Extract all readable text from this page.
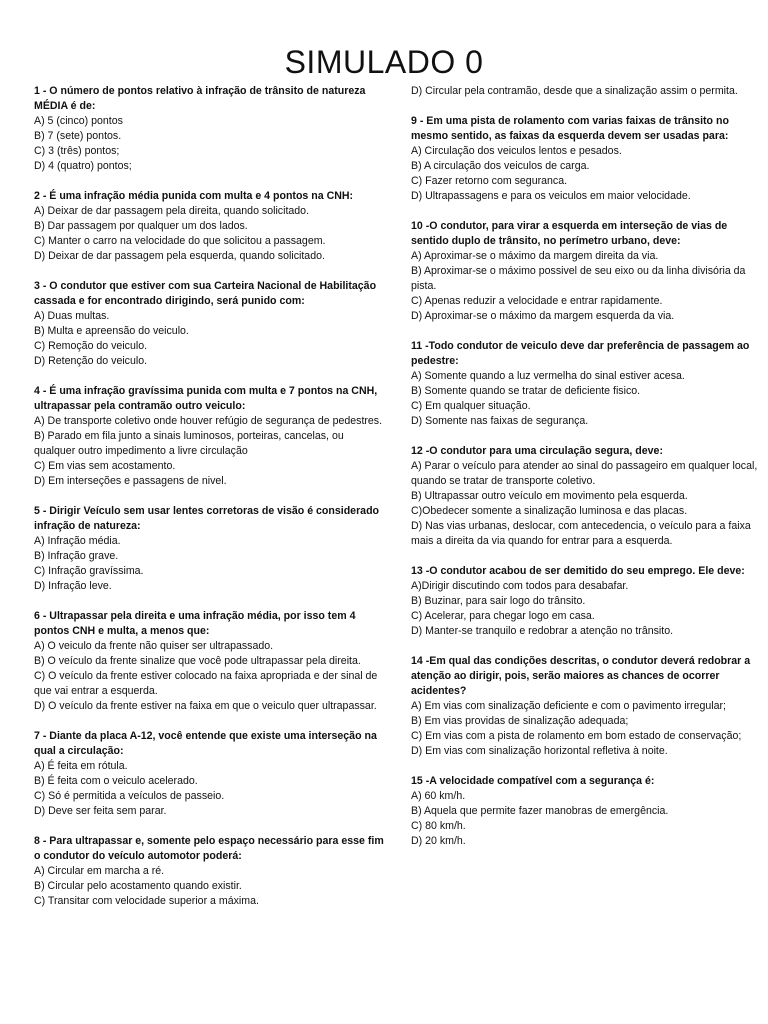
SIMULADO 0
1 - O número de pontos relativo à infração de trânsito de natureza MÉDIA é de:
A) 5 (cinco) pontos
B) 7 (sete) pontos.
C) 3 (três) pontos;
D) 4 (quatro) pontos;
2 - É uma infração média punida com multa e 4 pontos na CNH:
A) Deixar de dar passagem pela direita, quando solicitado.
B) Dar passagem por qualquer um dos lados.
C) Manter o carro na velocidade do que solicitou a passagem.
D) Deixar de dar passagem pela esquerda, quando solicitado.
3 - O condutor que estiver com sua Carteira Nacional de Habilitação cassada e for encontrado dirigindo, será punido com:
A) Duas multas.
B) Multa e apreensão do veiculo.
C) Remoção do veiculo.
D) Retenção do veiculo.
4 - É uma infração gravíssima punida com multa e 7 pontos na CNH, ultrapassar pela contramão outro veiculo:
A) De transporte coletivo onde houver refúgio de segurança de pedestres.
B) Parado em fila junto a sinais luminosos, porteiras, cancelas, ou qualquer outro impedimento a livre circulação
C) Em vias sem acostamento.
D) Em interseções e passagens de nivel.
5 - Dirigir Veículo sem usar lentes corretoras de visão é considerado infração de natureza:
A) Infração média.
B) Infração grave.
C) Infração gravíssima.
D) Infração leve.
6 - Ultrapassar pela direita e uma infração média, por isso tem 4 pontos CNH e multa, a menos que:
A) O veiculo da frente não quiser ser ultrapassado.
B) O veículo da frente sinalize que você pode ultrapassar pela direita.
C) O veículo da frente estiver colocado na faixa apropriada e der sinal de que vai entrar a esquerda.
D) O veículo da frente estiver na faixa em que o veiculo quer ultrapassar.
7 - Diante da placa A-12, você entende que existe uma interseção na qual a circulação:
A) É feita em rótula.
B) É feita com o veiculo acelerado.
C) Só é permitida a veículos de passeio.
D) Deve ser feita sem parar.
8 - Para ultrapassar e, somente pelo espaço necessário para esse fim o condutor do veículo automotor poderá:
A) Circular em marcha a ré.
B) Circular pelo acostamento quando existir.
C) Transitar com velocidade superior a máxima.
D) Circular pela contramão, desde que a sinalização assim o permita.
9 - Em uma pista de rolamento com varias faixas de trânsito no mesmo sentido, as faixas da esquerda devem ser usadas para:
A) Circulação dos veiculos lentos e pesados.
B) A circulação dos veiculos de carga.
C) Fazer retorno com seguranca.
D) Ultrapassagens e para os veiculos em maior velocidade.
10 -O condutor, para virar a esquerda em interseção de vias de sentido duplo de trânsito, no perímetro urbano, deve:
A) Aproximar-se o máximo da margem direita da via.
B) Aproximar-se o máximo possivel de seu eixo ou da linha divisória da pista.
C) Apenas reduzir a velocidade e entrar rapidamente.
D) Aproximar-se o máximo da margem esquerda da via.
11 -Todo condutor de veiculo deve dar preferência de passagem ao pedestre:
A) Somente quando a luz vermelha do sinal estiver acesa.
B) Somente quando se tratar de deficiente fisico.
C) Em qualquer situação.
D) Somente nas faixas de segurança.
12 -O condutor para uma circulação segura, deve:
A) Parar o veículo para atender ao sinal do passageiro em qualquer local, quando se tratar de transporte coletivo.
B) Ultrapassar outro veículo em movimento pela esquerda.
C)Obedecer somente a sinalização luminosa e das placas.
D) Nas vias urbanas, deslocar, com antecedencia, o veículo para a faixa mais a direita da via quando for entrar para a esquerda.
13 -O condutor acabou de ser demitido do seu emprego. Ele deve:
A)Dirigir discutindo com todos para desabafar.
B) Buzinar, para sair logo do trânsito.
C) Acelerar, para chegar logo em casa.
D) Manter-se tranquilo e redobrar a atenção no trânsito.
14 -Em qual das condições descritas, o condutor deverá redobrar a atenção ao dirigir, pois, serão maiores as chances de ocorrer acidentes?
A) Em vias com sinalização deficiente e com o pavimento irregular;
B) Em vias providas de sinalização adequada;
C) Em vias com a pista de rolamento em bom estado de conservação;
D) Em vias com sinalização horizontal refletiva à noite.
15 -A velocidade compatível com a segurança é:
A) 60 km/h.
B) Aquela que permite fazer manobras de emergência.
C) 80 km/h.
D) 20 km/h.
